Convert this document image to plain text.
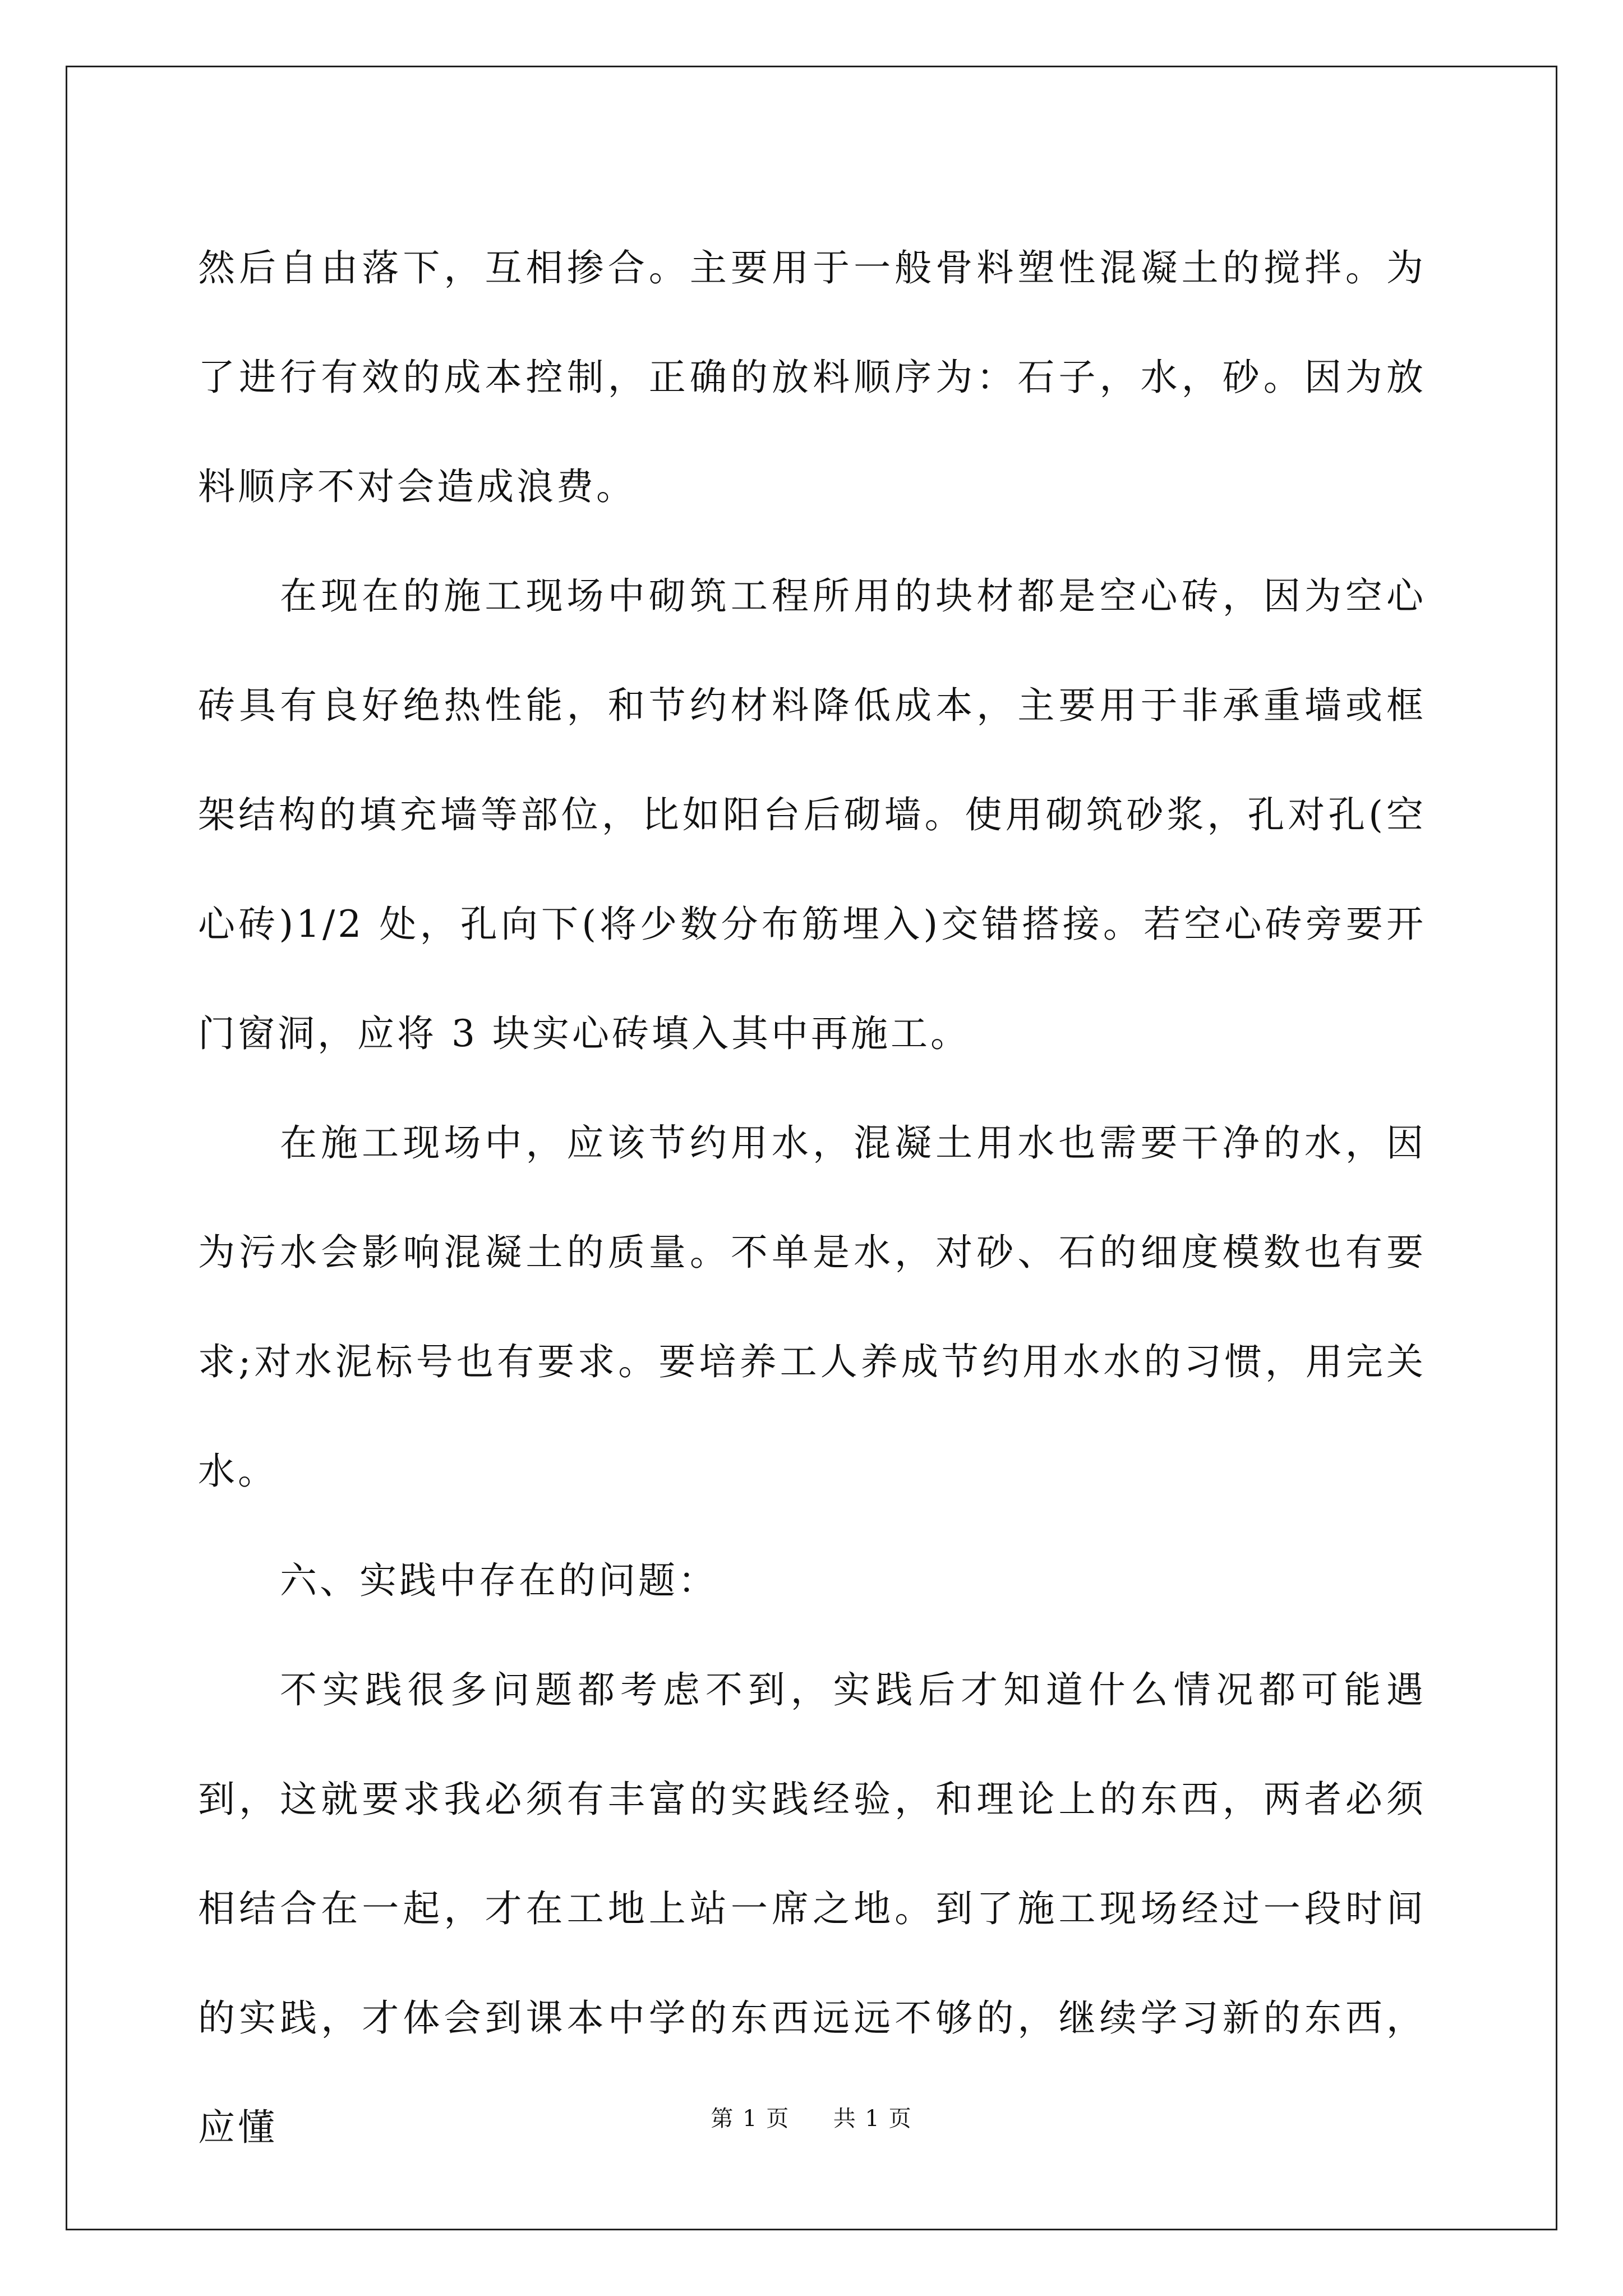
然后自由落下，互相掺合。主要用于一般骨料塑性混凝土的搅拌。为了进行有效的成本控制，正确的放料顺序为：石子，水，砂。因为放料顺序不对会造成浪费。

在现在的施工现场中砌筑工程所用的块材都是空心砖，因为空心砖具有良好绝热性能，和节约材料降低成本，主要用于非承重墙或框架结构的填充墙等部位，比如阳台后砌墙。使用砌筑砂浆，孔对孔(空心砖)1/2 处，孔向下(将少数分布筋埋入)交错搭接。若空心砖旁要开门窗洞，应将 3 块实心砖填入其中再施工。

在施工现场中，应该节约用水，混凝土用水也需要干净的水，因为污水会影响混凝土的质量。不单是水，对砂、石的细度模数也有要求;对水泥标号也有要求。要培养工人养成节约用水水的习惯，用完关水。

六、实践中存在的问题：

不实践很多问题都考虑不到，实践后才知道什么情况都可能遇到，这就要求我必须有丰富的实践经验，和理论上的东西，两者必须相结合在一起，才在工地上站一席之地。到了施工现场经过一段时间的实践，才体会到课本中学的东西远远不够的，继续学习新的东西，应懂	第 1 页 共 1 页
